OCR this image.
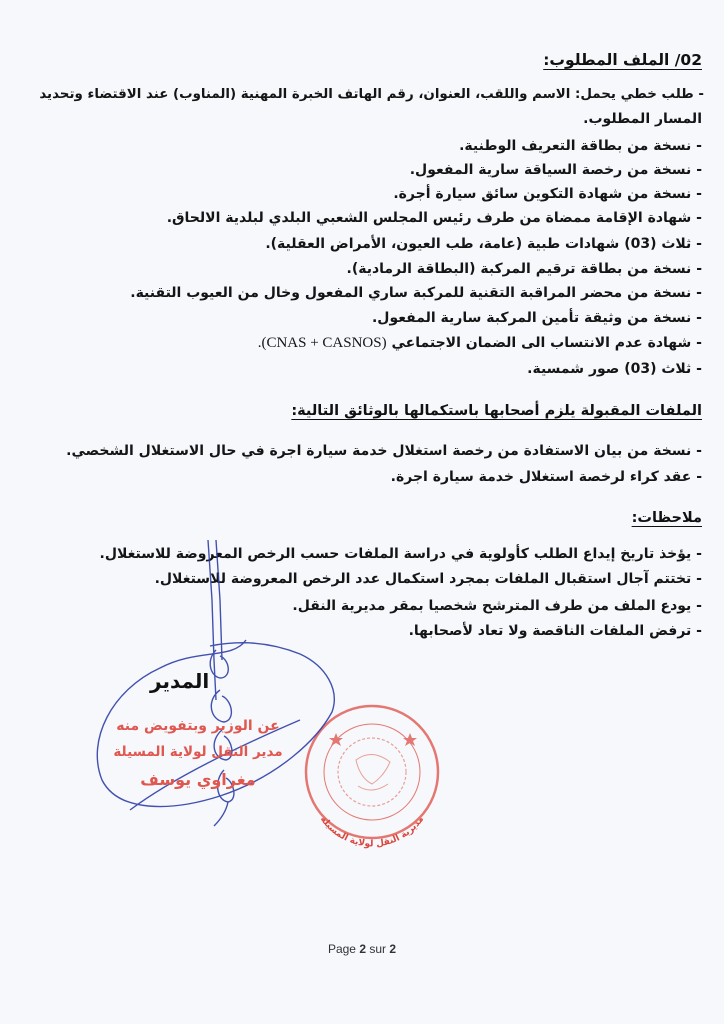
02/ الملف المطلوب:
- طلب خطي يحمل: الاسم واللقب، العنوان، رقم الهاتف الخبرة المهنية (المناوب) عند الاقتضاء وتحديد
المسار المطلوب.
- نسخة من بطاقة التعريف الوطنية.
- نسخة من رخصة السياقة سارية المفعول.
- نسخة من شهادة التكوين سائق سيارة أجرة.
- شهادة الإقامة ممضاة من طرف رئيس المجلس الشعبي البلدي لبلدية الالحاق.
- ثلاث (03) شهادات طبية (عامة، طب العيون، الأمراض العقلية).
- نسخة من بطاقة ترقيم المركبة (البطاقة الرمادية).
- نسخة من محضر المراقبة التقنية للمركبة ساري المفعول وخال من العيوب التقنية.
- نسخة من وثيقة تأمين المركبة سارية المفعول.
- شهادة عدم الانتساب الى الضمان الاجتماعي (CNAS + CASNOS).
- ثلاث (03) صور شمسية.
الملفات المقبولة يلزم أصحابها باستكمالها بالوثائق التالية:
- نسخة من بيان الاستفادة من رخصة استغلال خدمة سيارة اجرة في حال الاستغلال الشخصي.
- عقد كراء لرخصة استغلال خدمة سيارة اجرة.
ملاحظات:
- يؤخذ تاريخ إيداع الطلب كأولوية في دراسة الملفات حسب الرخص المعروضة للاستغلال.
- تختتم آجال استقبال الملفات بمجرد استكمال عدد الرخص المعروضة للاستغلال.
- يودع الملف من طرف المترشح شخصيا بمقر مديرية النقل.
- ترفض الملفات الناقصة ولا تعاد لأصحابها.
مديرية النقل لولاية المسيلة
المدير
عن الوزير وبتفويض منه
مدير النقل لولاية المسيلة
مغراوي يوسف
Page 2 sur 2
